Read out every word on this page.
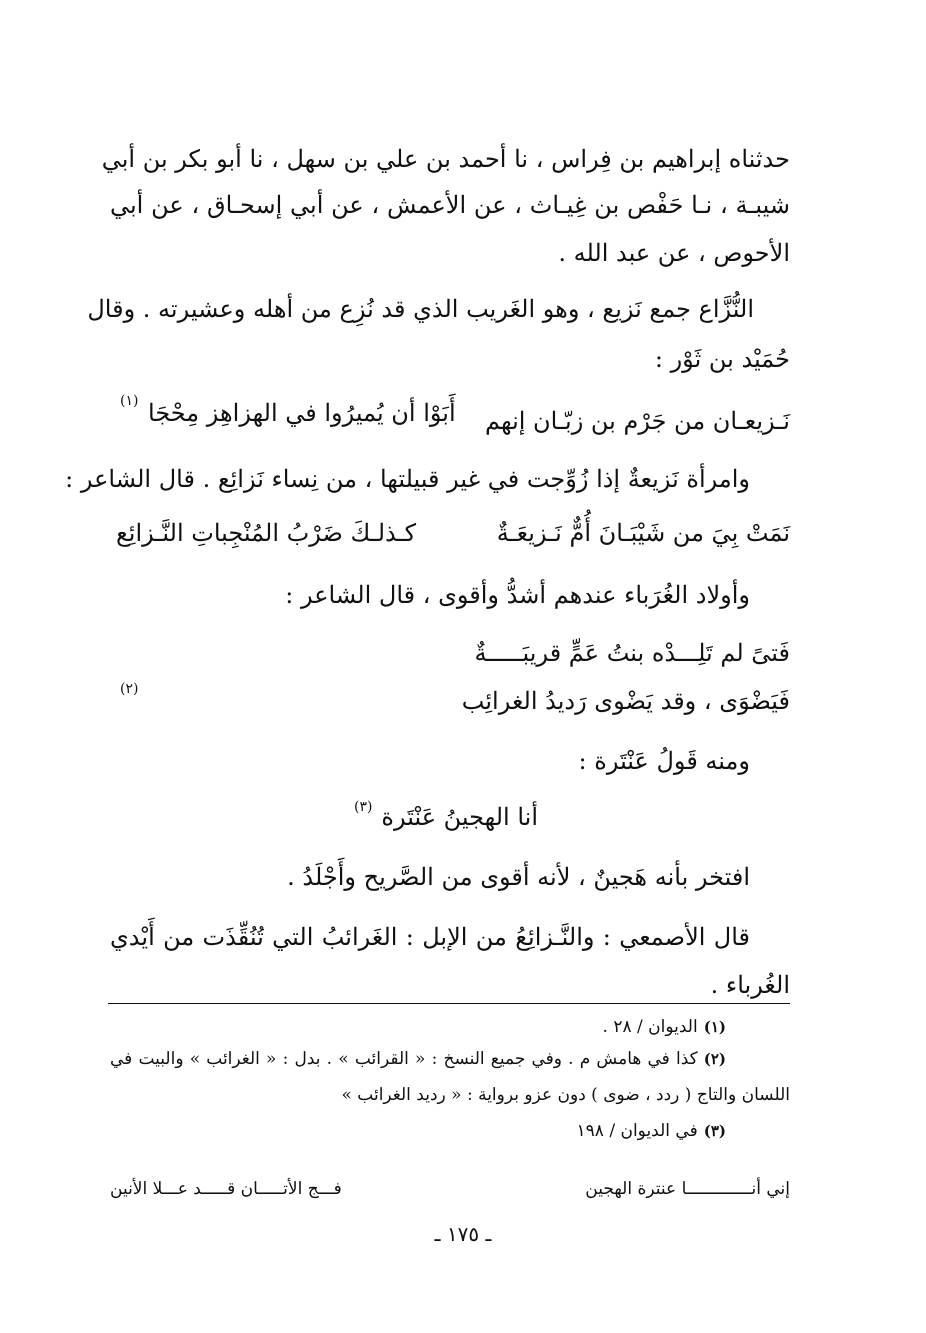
حدثناه إبراهيم بن فِراس ، نا أحمد بن علي بن سهل ، نا أبو بكر بن أبي
شيبـة ، نـا حَفْص بن غِيـاث ، عن الأعمش ، عن أبي إسحـاق ، عن أبي
الأحوص ، عن عبد الله .
النُّزَّاع جمع نَزيع ، وهو الغَريب الذي قد نُزِع من أهله وعشيرته . وقال
حُمَيْد بن ثَوْر :
نَـزيعـان من جَرْم بن زبّـان إنهم
أَبَوْا أن يُميرُوا في الهزاهِز مِحْجَا
(١)
وامرأة نَزيعةٌ إذا زُوِّجت في غير قبيلتها ، من نِساء نَزائِع . قال الشاعر :
نَمَتْ بِيَ من شَيْبَـانَ أُمٌّ نَـزيعَـةٌ
كـذلـكَ ضَرْبُ المُنْجِباتِ النَّـزائِع
وأولاد الغُرَباء عندهم أشدُّ وأقوى ، قال الشاعر :
فَتىً لم تَلِـــدْه بنتُ عَمٍّ قريبَـــــةٌ
فَيَضْوَى ، وقد يَضْوى رَديدُ الغرائِب
(٢)
ومنه قَولُ عَنْتَرة :
أنا الهجينُ عَنْتَرة
(٣)
افتخر بأنه هَجينٌ ، لأنه أقوى من الصَّريح وأَجْلَدُ .
قال الأصمعي : والنَّـزائِعُ من الإبل : الغَرائبُ التي تُنُقِّذَت من أَيْدي
الغُرباء .
(١)الديوان / ٢٨ .
(٢)كذا في هامش م . وفي جميع النسخ : « القرائب » . بدل : « الغرائب » والبيت في
اللسان والتاج ( ردد ، ضوى ) دون عزو برواية : « رديد الغرائب »
(٣)في الديوان / ١٩٨
إني أنـــــــــــــا عنترة الهجين
فـــج الأتـــــان قـــــد عـــلا الأنين
ـ ١٧٥ ـ
